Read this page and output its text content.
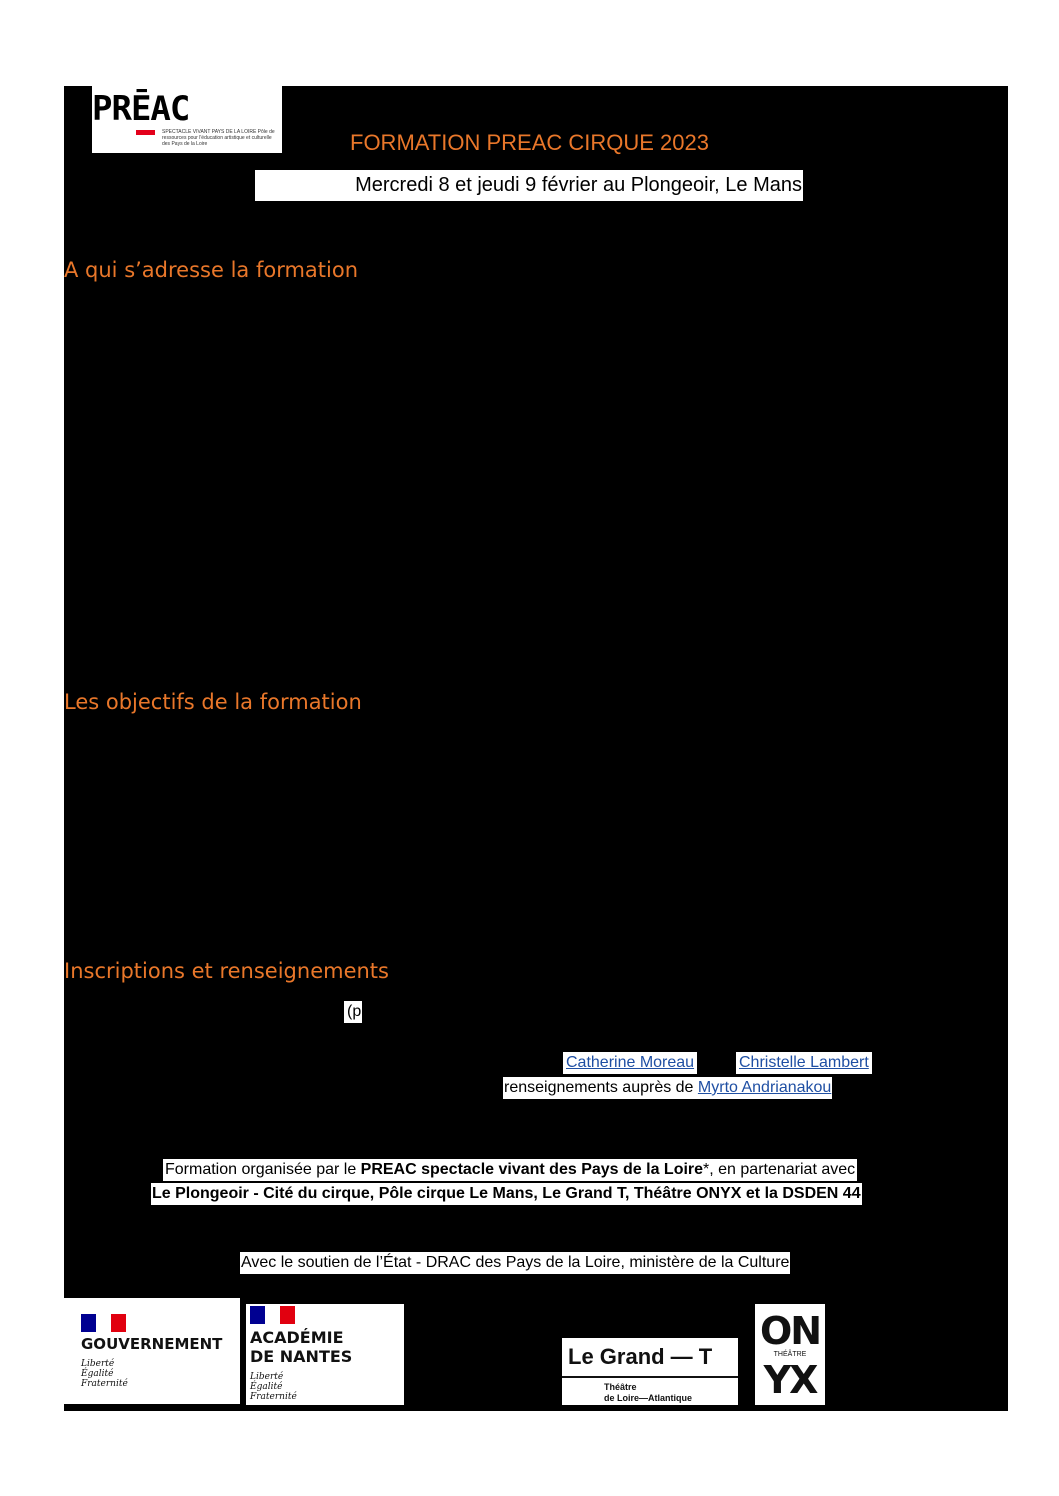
PRĒAC
SPECTACLE VIVANT PAYS DE LA LOIRE Pôle de ressources pour l'éducation artistique et culturelle des Pays de la Loire	FORMATION PREAC CIRQUE 2023
Mercredi 8 et jeudi 9 février au Plongeoir, Le Mans
A qui s’adresse la formation
Les objectifs de la formation
Inscriptions et renseignements
(p
Catherine Moreau	Christelle Lambert
renseignements auprès de Myrto Andrianakou
Formation organisée par le PREAC spectacle vivant des Pays de la Loire*, en partenariat avec
Le Plongeoir - Cité du cirque, Pôle cirque Le Mans, Le Grand T, Théâtre ONYX et la DSDEN 44
Avec le soutien de l’État - DRAC des Pays de la Loire, ministère de la Culture
GOUVERNEMENT
Liberté
Égalité
Fraternité
ACADÉMIE
DE NANTES
Liberté
Égalité
Fraternité
Le Grand — T
Théâtre
de Loire—Atlantique
ON
THÉÂTRE
YX
